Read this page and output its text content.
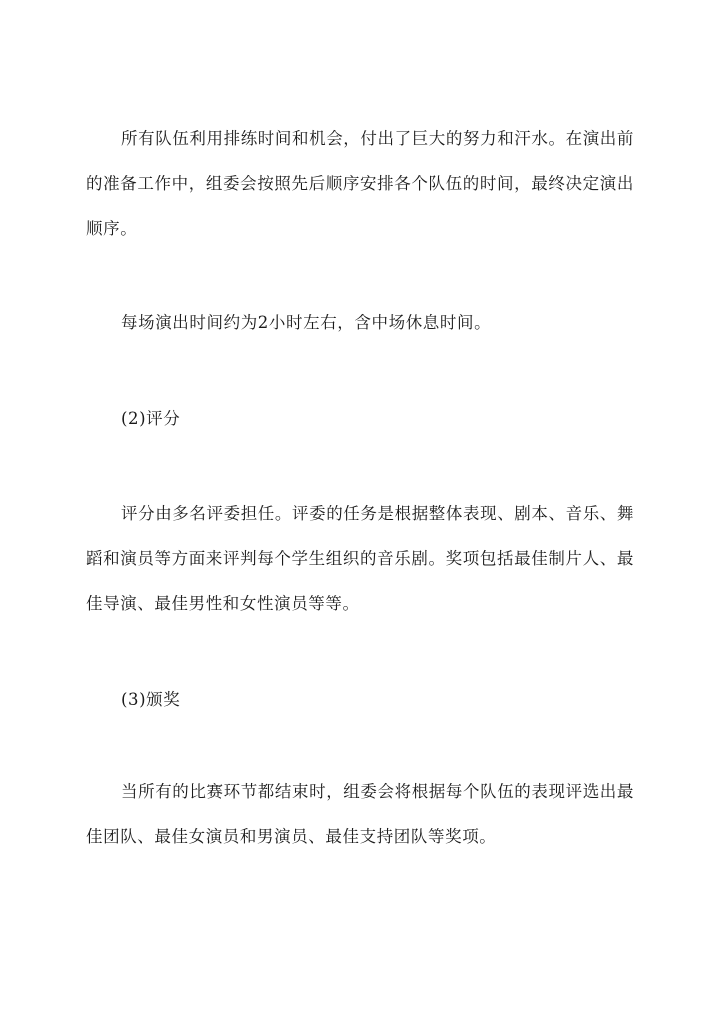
所有队伍利用排练时间和机会，付出了巨大的努力和汗水。在演出前的准备工作中，组委会按照先后顺序安排各个队伍的时间，最终决定演出顺序。

每场演出时间约为2小时左右，含中场休息时间。

(2)评分

评分由多名评委担任。评委的任务是根据整体表现、剧本、音乐、舞蹈和演员等方面来评判每个学生组织的音乐剧。奖项包括最佳制片人、最佳导演、最佳男性和女性演员等等。

(3)颁奖

当所有的比赛环节都结束时，组委会将根据每个队伍的表现评选出最佳团队、最佳女演员和男演员、最佳支持团队等奖项。
